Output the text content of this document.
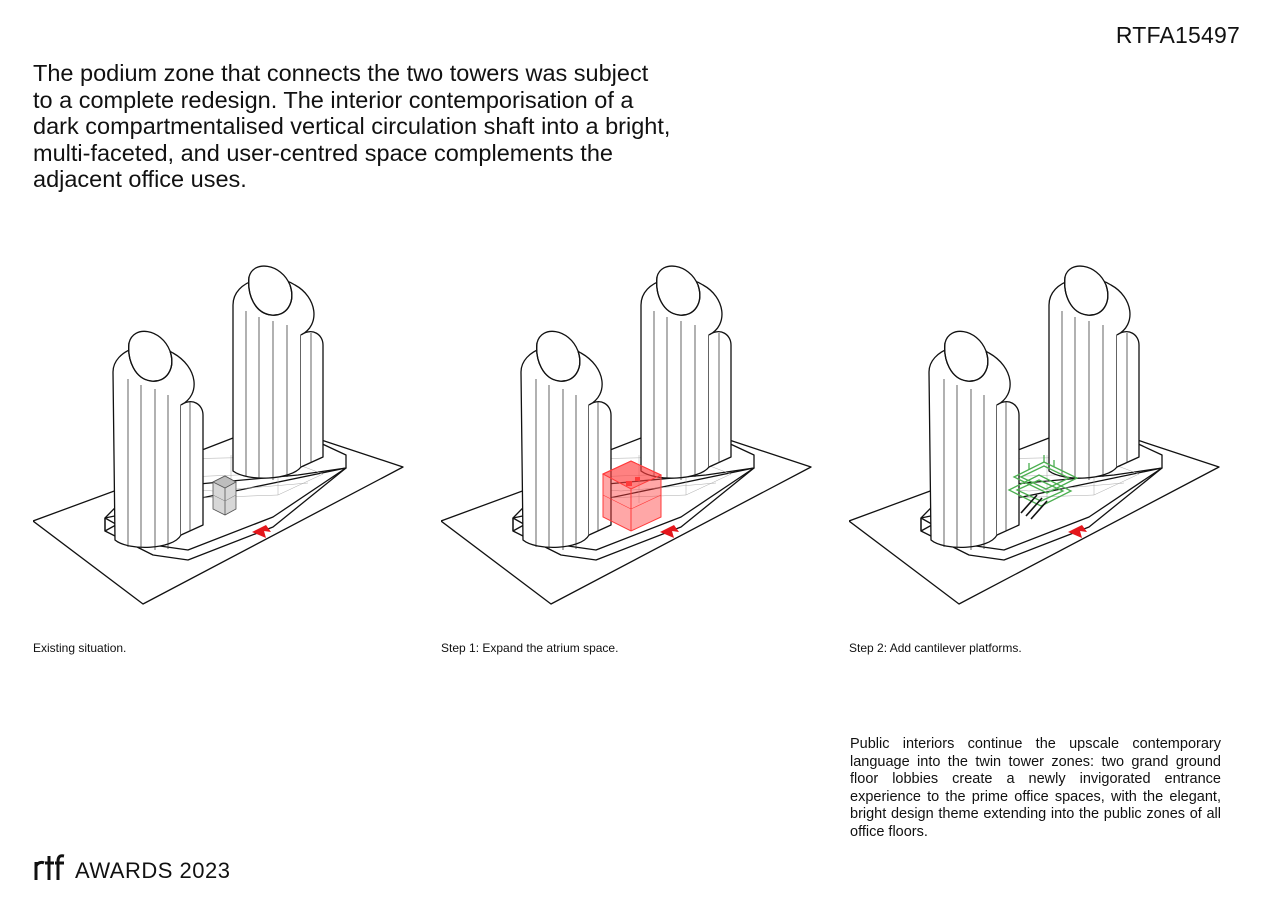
RTFA15497

The podium zone that connects the two towers was subject to a complete redesign. The interior contemporisation of a dark compartmentalised vertical circulation shaft into a bright, multi-faceted, and user-centred space complements the adjacent office uses.

Existing situation.	Step 1: Expand the atrium space.	Step 2: Add cantilever platforms.
Public interiors continue the upscale contemporary language into the twin tower zones: two grand ground floor lobbies create a newly invigorated entrance experience to the prime office spaces, with the elegant, bright design theme extending into the public zones of all office floors.
AWARDS 2023
